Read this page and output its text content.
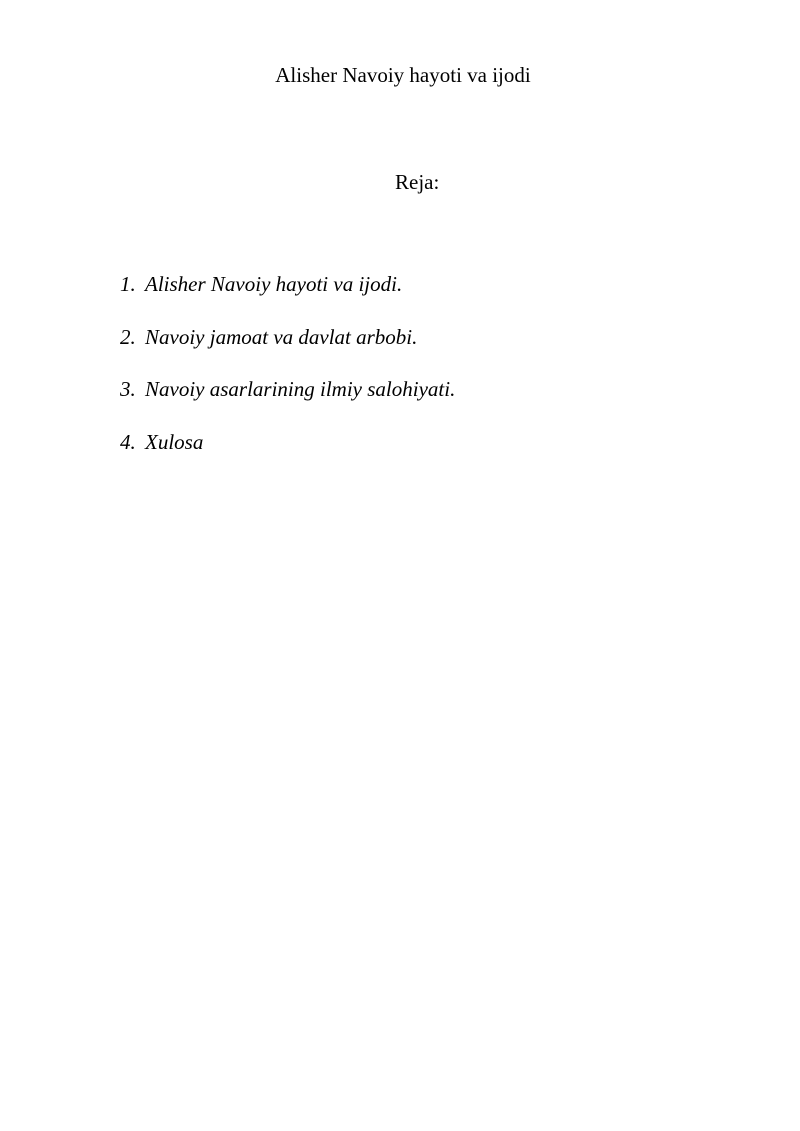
Alisher Navoiy hayoti va ijodi
Reja:
1. Alisher Navoiy hayoti va ijodi.
2. Navoiy jamoat va davlat arbobi.
3. Navoiy asarlarining ilmiy salohiyati.
4. Xulosa
